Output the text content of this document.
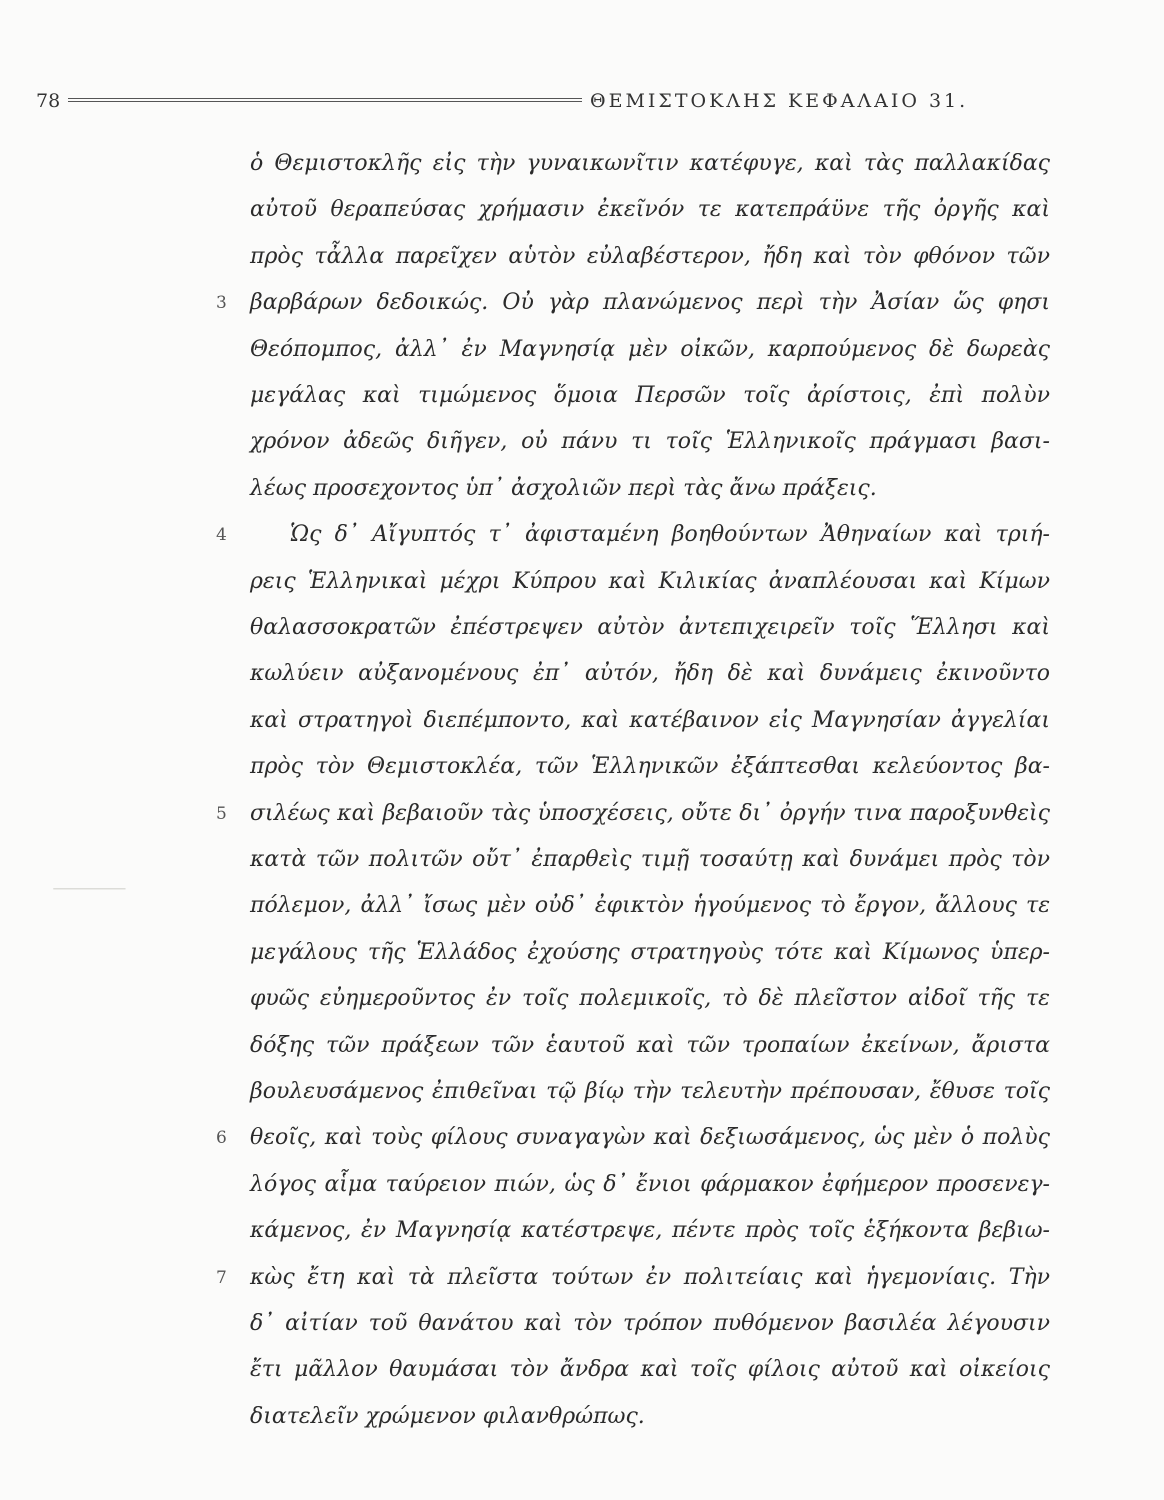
78	ΘΕΜΙΣΤΟΚΛΗΣ ΚΕΦΑΛΑΙΟ 31.
⸻
3
4
5
6
7
ὁ Θεμιστοκλῆς εἰς τὴν γυναικωνῖτιν κατέφυγε, καὶ τὰς παλλακίδας
αὐτοῦ θεραπεύσας χρήμασιν ἐκεῖνόν τε κατεπράϋνε τῆς ὀργῆς καὶ
πρὸς τἆλλα παρεῖχεν αὑτὸν εὐλαβέστερον, ἤδη καὶ τὸν φθόνον τῶν
βαρβάρων δεδοικώς. Οὐ γὰρ πλανώμενος περὶ τὴν Ἀσίαν ὥς φησι
Θεόπομπος, ἀλλ᾿ ἐν Μαγνησίᾳ μὲν οἰκῶν, καρπούμενος δὲ δωρεὰς
μεγάλας καὶ τιμώμενος ὅμοια Περσῶν τοῖς ἀρίστοις, ἐπὶ πολὺν
χρόνον ἀδεῶς διῆγεν, οὐ πάνυ τι τοῖς Ἑλληνικοῖς πράγμασι βασι-
λέως προσεχοντος ὑπ᾿ ἀσχολιῶν περὶ τὰς ἄνω πράξεις.
Ὡς δ᾿ Αἴγυπτός τ᾿ ἀφισταμένη βοηθούντων Ἀθηναίων καὶ τριή-
ρεις Ἑλληνικαὶ μέχρι Κύπρου καὶ Κιλικίας ἀναπλέουσαι καὶ Κίμων
θαλασσοκρατῶν ἐπέστρεψεν αὐτὸν ἀντεπιχειρεῖν τοῖς Ἕλλησι καὶ
κωλύειν αὐξανομένους ἐπ᾿ αὐτόν, ἤδη δὲ καὶ δυνάμεις ἐκινοῦντο
καὶ στρατηγοὶ διεπέμποντο, καὶ κατέβαινον εἰς Μαγνησίαν ἀγγελίαι
πρὸς τὸν Θεμιστοκλέα, τῶν Ἑλληνικῶν ἐξάπτεσθαι κελεύοντος βα-
σιλέως καὶ βεβαιοῦν τὰς ὑποσχέσεις, οὔτε δι᾿ ὀργήν τινα παροξυνθεὶς
κατὰ τῶν πολιτῶν οὔτ᾿ ἐπαρθεὶς τιμῇ τοσαύτῃ καὶ δυνάμει πρὸς τὸν
πόλεμον, ἀλλ᾿ ἴσως μὲν οὐδ᾿ ἐφικτὸν ἡγούμενος τὸ ἔργον, ἄλλους τε
μεγάλους τῆς Ἑλλάδος ἐχούσης στρατηγοὺς τότε καὶ Κίμωνος ὑπερ-
φυῶς εὐημεροῦντος ἐν τοῖς πολεμικοῖς, τὸ δὲ πλεῖστον αἰδοῖ τῆς τε
δόξης τῶν πράξεων τῶν ἑαυτοῦ καὶ τῶν τροπαίων ἐκείνων, ἄριστα
βουλευσάμενος ἐπιθεῖναι τῷ βίῳ τὴν τελευτὴν πρέπουσαν, ἔθυσε τοῖς
θεοῖς, καὶ τοὺς φίλους συναγαγὼν καὶ δεξιωσάμενος, ὡς μὲν ὁ πολὺς
λόγος αἷμα ταύρειον πιών, ὡς δ᾿ ἔνιοι φάρμακον ἐφήμερον προσενεγ-
κάμενος, ἐν Μαγνησίᾳ κατέστρεψε, πέντε πρὸς τοῖς ἑξήκοντα βεβιω-
κὼς ἔτη καὶ τὰ πλεῖστα τούτων ἐν πολιτείαις καὶ ἡγεμονίαις. Τὴν
δ᾿ αἰτίαν τοῦ θανάτου καὶ τὸν τρόπον πυθόμενον βασιλέα λέγουσιν
ἔτι μᾶλλον θαυμάσαι τὸν ἄνδρα καὶ τοῖς φίλοις αὐτοῦ καὶ οἰκείοις
διατελεῖν χρώμενον φιλανθρώπως.
